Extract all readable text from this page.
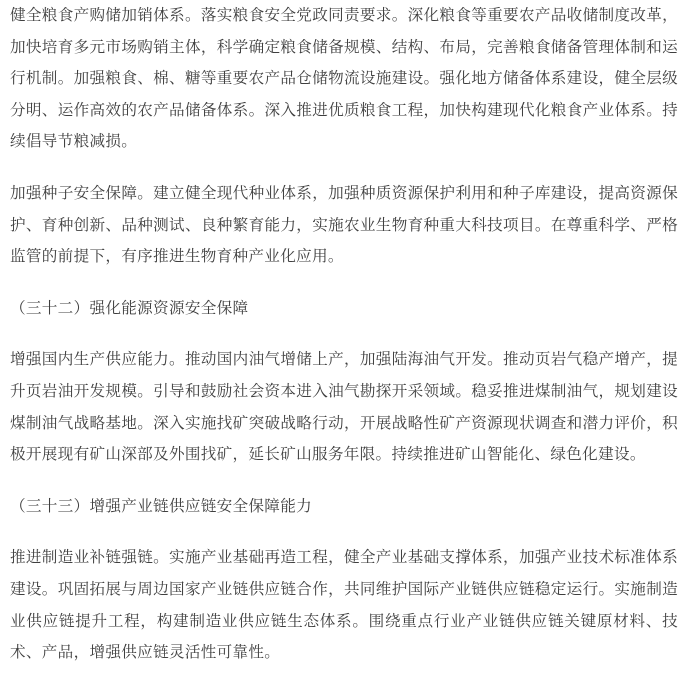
健全粮食产购储加销体系。落实粮食安全党政同责要求。深化粮食等重要农产品收储制度改革，加快培育多元市场购销主体，科学确定粮食储备规模、结构、布局，完善粮食储备管理体制和运行机制。加强粮食、棉、糖等重要农产品仓储物流设施建设。强化地方储备体系建设，健全层级分明、运作高效的农产品储备体系。深入推进优质粮食工程，加快构建现代化粮食产业体系。持续倡导节粮减损。

加强种子安全保障。建立健全现代种业体系，加强种质资源保护利用和种子库建设，提高资源保护、育种创新、品种测试、良种繁育能力，实施农业生物育种重大科技项目。在尊重科学、严格监管的前提下，有序推进生物育种产业化应用。

（三十二）强化能源资源安全保障

增强国内生产供应能力。推动国内油气增储上产，加强陆海油气开发。推动页岩气稳产增产，提升页岩油开发规模。引导和鼓励社会资本进入油气勘探开采领域。稳妥推进煤制油气，规划建设煤制油气战略基地。深入实施找矿突破战略行动，开展战略性矿产资源现状调查和潜力评价，积极开展现有矿山深部及外围找矿，延长矿山服务年限。持续推进矿山智能化、绿色化建设。

（三十三）增强产业链供应链安全保障能力

推进制造业补链强链。实施产业基础再造工程，健全产业基础支撑体系，加强产业技术标准体系建设。巩固拓展与周边国家产业链供应链合作，共同维护国际产业链供应链稳定运行。实施制造业供应链提升工程，构建制造业供应链生态体系。围绕重点行业产业链供应链关键原材料、技术、产品，增强供应链灵活性可靠性。
